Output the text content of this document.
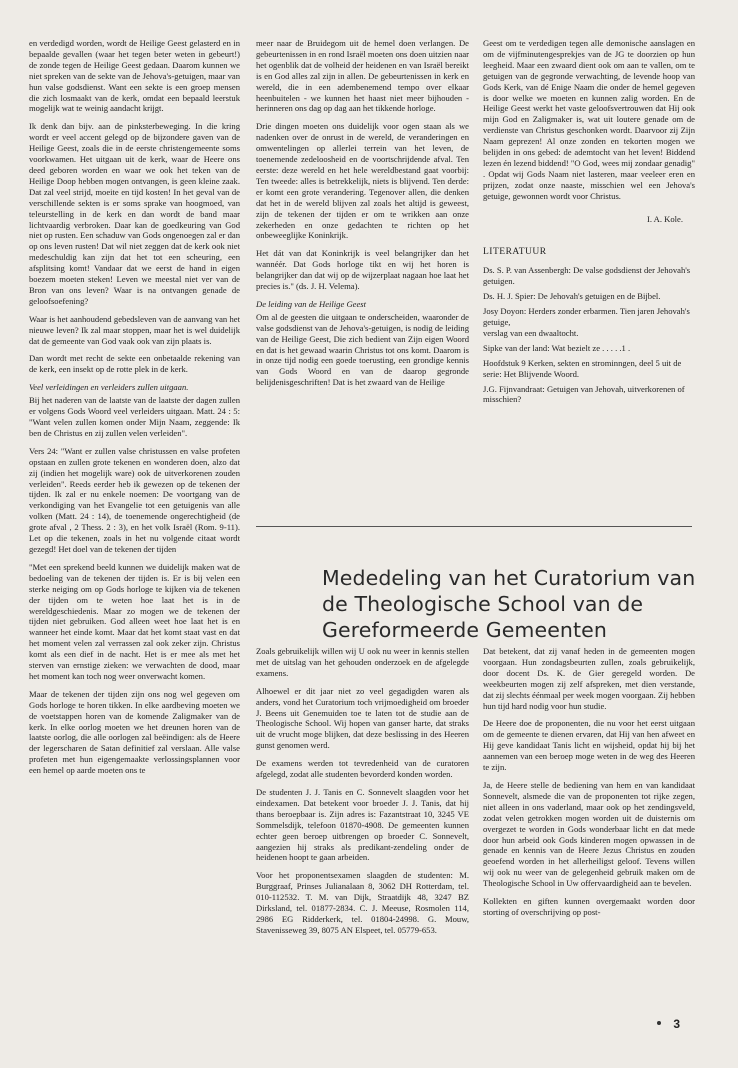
en verdedigd worden, wordt de Heilige Geest gelasterd en in bepaalde gevallen (waar het tegen beter weten in gebeurt!) de zonde tegen de Heilige Geest gedaan. Daarom kunnen we niet spreken van de sekte van de Jehova's-getuigen, maar van hun valse godsdienst. Want een sekte is een groep mensen die zich losmaakt van de kerk, omdat een bepaald leerstuk mogelijk wat te weinig aandacht krijgt.

Ik denk dan bijv. aan de pinksterbeweging. In die kring wordt er veel accent gelegd op de bijzondere gaven van de Heilige Geest, zoals die in de eerste christengemeente soms voorkwamen. Het uitgaan uit de kerk, waar de Heere ons deed geboren worden en waar we ook het teken van de Heilige Doop hebben mogen ontvangen, is geen kleine zaak. Dat zal veel strijd, moeite en tijd kosten! In het geval van de verschillende sekten is er soms sprake van hoogmoed, van teleurstelling in de kerk en dan wordt de band maar lichtvaardig verbroken. Daar kan de goedkeuring van God niet op rusten. Een schaduw van Gods ongenoegen zal er dan op ons leven rusten! Dat wil niet zeggen dat de kerk ook niet medeschuldig kan zijn dat het tot een scheuring, een afsplitsing komt! Vandaar dat we eerst de hand in eigen boezem moeten steken! Leven we meestal niet ver van de Bron van ons leven? Waar is na ontvangen genade de geloofsoefening?

Waar is het aanhoudend gebedsleven van de aanvang van het nieuwe leven? Ik zal maar stoppen, maar het is wel duidelijk dat de gemeente van God vaak ook van zijn plaats is.

Dan wordt met recht de sekte een onbetaalde rekening van de kerk, een insekt op de rotte plek in de kerk.

Veel verleidingen en verleiders zullen uitgaan.

Bij het naderen van de laatste van de laatste der dagen zullen er volgens Gods Woord veel verleiders uitgaan. Matt. 24 : 5: "Want velen zullen komen onder Mijn Naam, zeggende: Ik ben de Christus en zij zullen velen verleiden".

Vers 24: "Want er zullen valse christussen en valse profeten opstaan en zullen grote tekenen en wonderen doen, alzo dat zij (indien het mogelijk ware) ook de uitverkorenen zouden verleiden". Reeds eerder heb ik gewezen op de tekenen der tijden. Ik zal er nu enkele noemen: De voortgang van de verkondiging van het Evangelie tot een getuigenis van alle volken (Matt. 24 : 14), de toenemende ongerechtigheid (de grote afval , 2 Thess. 2 : 3), en het volk Israël (Rom. 9-11). Let op die tekenen, zoals in het nu volgende citaat wordt gezegd! Het doel van de tekenen der tijden

"Met een sprekend beeld kunnen we duidelijk maken wat de bedoeling van de tekenen der tijden is. Er is bij velen een sterke neiging om op Gods horloge te kijken via de tekenen der tijden om te weten hoe laat het is in de wereldgeschiedenis. Maar zo mogen we de tekenen der tijden niet gebruiken. God alleen weet hoe laat het is en wanneer het einde komt. Maar dat het komt staat vast en dat het moment velen zal verrassen zal ook zeker zijn. Christus komt als een dief in de nacht. Het is er mee als met het sterven van ernstige zieken: we verwachten de dood, maar het moment kan toch nog weer onverwacht komen.

Maar de tekenen der tijden zijn ons nog wel gegeven om Gods horloge te horen tikken. In elke aardbeving moeten we de voetstappen horen van de komende Zaligmaker van de kerk. In elke oorlog moeten we het dreunen horen van de laatste oorlog, die alle oorlogen zal beëindigen: als de Heere der legerscharen de Satan definitief zal verslaan. Alle valse profeten met hun eigengemaakte verlossingsplannen voor een hemel op aarde moeten ons te

meer naar de Bruidegom uit de hemel doen verlangen. De gebeurtenissen in en rond Israël moeten ons doen uitzien naar het ogenblik dat de volheid der heidenen en van Israël bereikt is en God alles zal zijn in allen. De gebeurtenissen in kerk en wereld, die in een adembenemend tempo over elkaar heenbuitelen - we kunnen het haast niet meer bijhouden - herinneren ons dag op dag aan het tikkende horloge.

Drie dingen moeten ons duidelijk voor ogen staan als we nadenken over de onrust in de wereld, de veranderingen en omwentelingen op allerlei terrein van het leven, de toenemende zedeloosheid en de voortschrijdende afval. Ten eerste: deze wereld en het hele wereldbestand gaat voorbij: Ten tweede: alles is betrekkelijk, niets is blijvend. Ten derde: er komt een grote verandering. Tegenover allen, die denken dat het in de wereld blijven zal zoals het altijd is geweest, zijn de tekenen der tijden er om te wrikken aan onze zekerheden en onze gedachten te richten op het onbeweeglijke Koninkrijk.

Het dát van dat Koninkrijk is veel belangrijker dan het wannéér. Dat Gods horloge tikt en wij het horen is belangrijker dan dat wij op de wijzerplaat nagaan hoe laat het precies is." (ds. J. H. Velema).

De leiding van de Heilige Geest

Om al de geesten die uitgaan te onderscheiden, waaronder de valse godsdienst van de Jehova's-getuigen, is nodig de leiding van de Heilige Geest, Die zich bedient van Zijn eigen Woord en dat is het gewaad waarin Christus tot ons komt. Daarom is in onze tijd nodig een goede toerusting, een grondige kennis van Gods Woord en van de daarop gegronde belijdenisgeschriften! Dat is het zwaard van de Heilige

Geest om te verdedigen tegen alle demonische aanslagen en om de vijfminutengesprekjes van de JG te doorzien op hun leegheid. Maar een zwaard dient ook om aan te vallen, om te getuigen van de gegronde verwachting, de levende hoop van Gods Kerk, van dé Enige Naam die onder de hemel gegeven is door welke we moeten en kunnen zalig worden. En de Heilige Geest werkt het vaste geloofsvertrouwen dat Hij ook mijn God en Zaligmaker is, wat uit loutere genade om de verdienste van Christus geschonken wordt. Daarvoor zij Zijn Naam geprezen! Al onze zonden en tekorten mogen we belijden in ons gebed: de ademtocht van het leven! Biddend lezen én lezend biddend! "O God, wees mij zondaar genadig" . Opdat wij Gods Naam niet lasteren, maar veeleer eren en prijzen, zodat onze naaste, misschien wel een Jehova's getuige, gewonnen wordt voor Christus.

I. A. Kole.

LITERATUUR

Ds. S. P. van Assenbergh: De valse godsdienst der Jehovah's getuigen.

Ds. H. J. Spier: De Jehovah's getuigen en de Bijbel.

Josy Doyon: Herders zonder erbarmen. Tien jaren Jehovah's getuige,

verslag van een dwaaltocht.

Sipke van der land: Wat bezielt ze . . . . .1 .

Hoofdstuk 9 Kerken, sekten en strominngen, deel 5 uit de serie: Het Blijvende Woord.

J.G. Fijnvandraat: Getuigen van Jehovah, uitverkorenen of misschien?

Mededeling van het Curatorium van de Theologische School van de Gereformeerde Gemeenten

Zoals gebruikelijk willen wij U ook nu weer in kennis stellen met de uitslag van het gehouden onderzoek en de afgelegde examens.

Alhoewel er dit jaar niet zo veel gegadigden waren als anders, vond het Curatorium toch vrijmoedigheid om broeder J. Beens uit Genemuiden toe te laten tot de studie aan de Theologische School. Wij hopen van ganser harte, dat straks uit de vrucht moge blijken, dat deze beslissing in des Heeren gunst genomen werd.

De examens werden tot tevredenheid van de curatoren afgelegd, zodat alle studenten bevorderd konden worden.

De studenten J. J. Tanis en C. Sonnevelt slaagden voor het eindexamen. Dat betekent voor broeder J. J. Tanis, dat hij thans beroepbaar is. Zijn adres is: Fazantstraat 10, 3245 VE Sommelsdijk, telefoon 01870-4908. De gemeenten kunnen echter geen beroep uitbrengen op broeder C. Sonnevelt, aangezien hij straks als predikant-zendeling onder de heidenen hoopt te gaan arbeiden.

Voor het proponentsexamen slaagden de studenten: M. Burggraaf, Prinses Julianalaan 8, 3062 DH Rotterdam, tel. 010-112532. T. M. van Dijk, Straatdijk 48, 3247 BZ Dirksland, tel. 01877-2834. C. J. Meeuse, Rosmolen 114, 2986 EG Ridderkerk, tel. 01804-24998. G. Mouw, Stavenisseweg 39, 8075 AN Elspeet, tel. 05779-653.

Dat betekent, dat zij vanaf heden in de gemeenten mogen voorgaan. Hun zondagsbeurten zullen, zoals gebruikelijk, door docent Ds. K. de Gier geregeld worden. De weekbeurten mogen zij zelf afspreken, met dien verstande, dat zij slechts éénmaal per week mogen voorgaan. Zij hebben hun tijd hard nodig voor hun studie.

De Heere doe de proponenten, die nu voor het eerst uitgaan om de gemeente te dienen ervaren, dat Hij van hen afweet en Hij geve kandidaat Tanis licht en wijsheid, opdat hij bij het aannemen van een beroep moge weten in de weg des Heeren te zijn.

Ja, de Heere stelle de bediening van hem en van kandidaat Sonnevelt, alsmede die van de proponenten tot rijke zegen, niet alleen in ons vaderland, maar ook op het zendingsveld, zodat velen getrokken mogen worden uit de duisternis om overgezet te worden in Gods wonderbaar licht en dat mede door hun arbeid ook Gods kinderen mogen opwassen in de genade en kennis van de Heere Jezus Christus en zouden geoefend worden in het allerheiligst geloof. Tevens willen wij ook nu weer van de gelegenheid gebruik maken om de Theologische School in Uw offervaardigheid aan te bevelen.

Kollekten en giften kunnen overgemaakt worden door storting of overschrijving op post-

3
